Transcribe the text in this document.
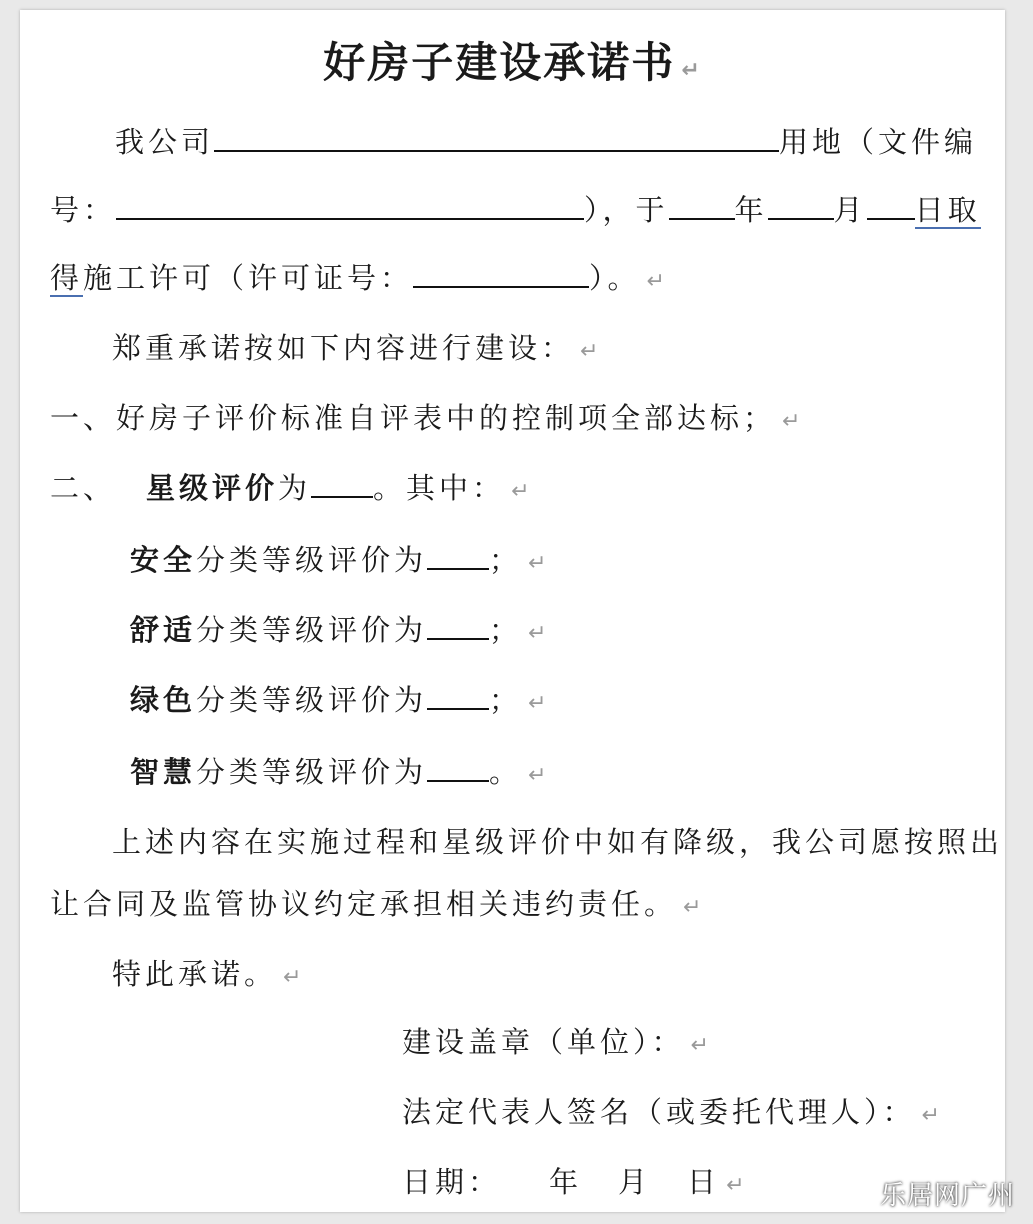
好房子建设承诺书 ↵
我公司	用地（文件编
号：	），于 年 月 日取
得施工许可（许可证号：	）。 ↵
郑重承诺按如下内容进行建设： ↵
一、好房子评价标准自评表中的控制项全部达标； ↵
二、 星级评价为 。其中： ↵
安全分类等级评价为 ； ↵
舒适分类等级评价为 ； ↵
绿色分类等级评价为 ； ↵
智慧分类等级评价为 。 ↵
上述内容在实施过程和星级评价中如有降级，我公司愿按照出
让合同及监管协议约定承担相关违约责任。 ↵
特此承诺。 ↵
建设盖章（单位）： ↵
法定代表人签名（或委托代理人）： ↵
日期： 年 月 日 ↵	乐居网广州
